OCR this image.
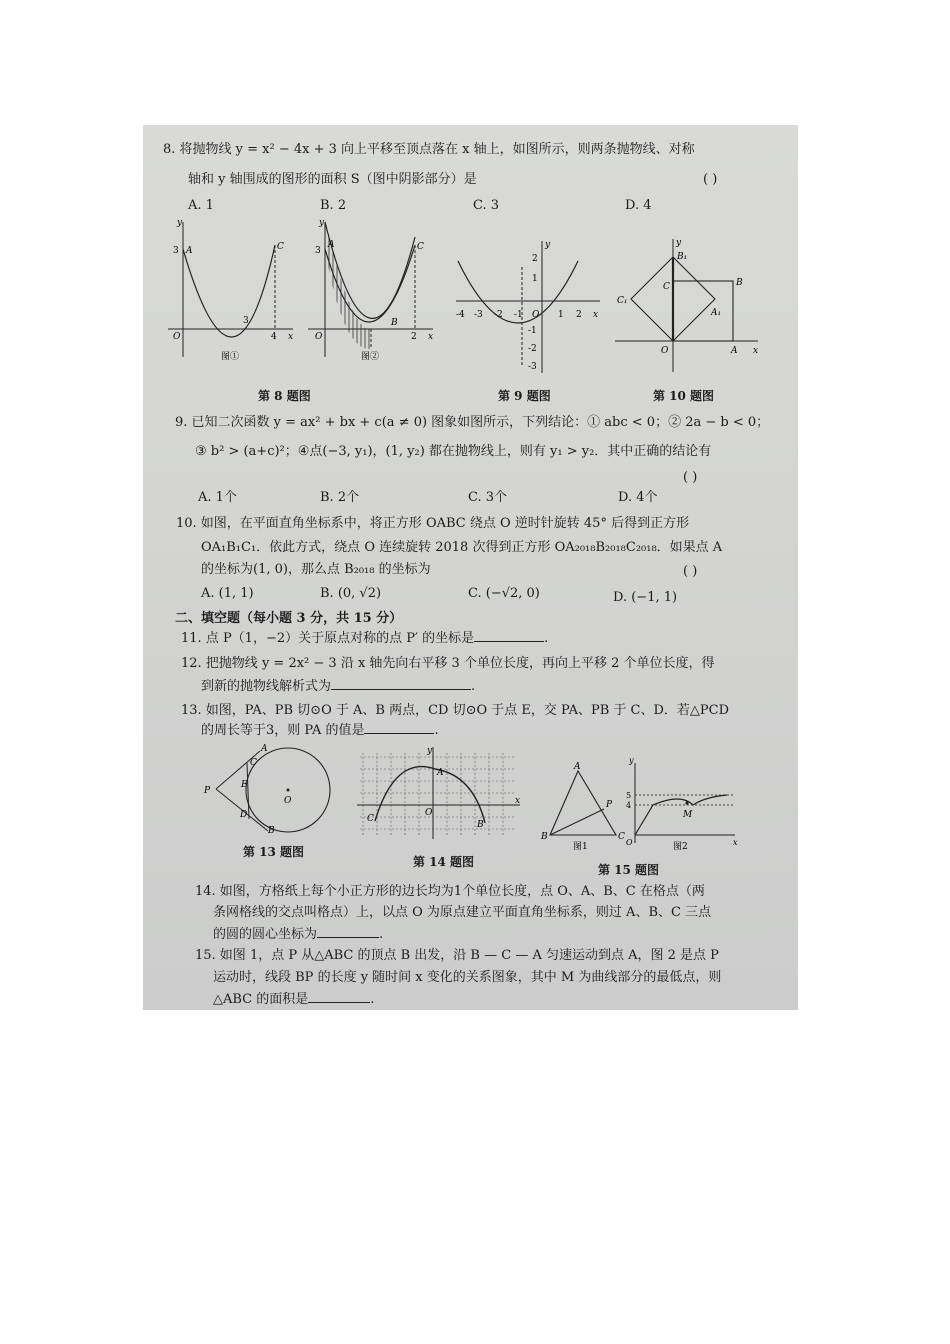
8. 将抛物线 y = x² − 4x + 3 向上平移至顶点落在 x 轴上，如图所示，则两条抛物线、对称
轴和 y 轴围成的图形的面积 S（图中阴影部分）是	( )
A. 1	B. 2	C. 3	D. 4
3 A	C
O
3
4 x
y
图①
3
A	C
O
B
2 x
y
图②
-4 -3 -2 -1 O 1 2 x
2
1
-1
-2
-3
y
B₁
C	B
C₁
A₁
O	A x
y
第 8 题图	第 9 题图	第 10 题图
9. 已知二次函数 y = ax² + bx + c(a ≠ 0) 图象如图所示，下列结论：① abc < 0；② 2a − b < 0；
③ b² > (a+c)²；④点(−3, y₁)，(1, y₂) 都在抛物线上，则有 y₁ > y₂．其中正确的结论有
( )
A. 1个	B. 2个	C. 3个	D. 4个
10. 如图，在平面直角坐标系中，将正方形 OABC 绕点 O 逆时针旋转 45° 后得到正方形
OA₁B₁C₁．依此方式，绕点 O 连续旋转 2018 次得到正方形 OA₂₀₁₈B₂₀₁₈C₂₀₁₈．如果点 A
的坐标为(1, 0)，那么点 B₂₀₁₈ 的坐标为	( )
A. (1, 1)	B. (0, √2)	C. (−√2, 0)	D. (−1, 1)
二、填空题（每小题 3 分，共 15 分）
11. 点 P（1，−2）关于原点对称的点 P′ 的坐标是	.
12. 把抛物线 y = 2x² − 3 沿 x 轴先向右平移 3 个单位长度，再向上平移 2 个单位长度，得
到新的抛物线解析式为	.
13. 如图，PA、PB 切⊙O 于 A、B 两点，CD 切⊙O 于点 E，交 PA、PB 于 C、D．若△PCD
的周长等于3，则 PA 的值是	.
A
C
E
P
O
D
B
A
O
C
B
x
y
A
B	C
P
图1
5
4
M
O	x
y
图2
第 13 题图
第 14 题图
第 15 题图
14. 如图，方格纸上每个小正方形的边长均为1个单位长度，点 O、A、B、C 在格点（两
条网格线的交点叫格点）上，以点 O 为原点建立平面直角坐标系，则过 A、B、C 三点
的圆的圆心坐标为	.
15. 如图 1，点 P 从△ABC 的顶点 B 出发，沿 B — C — A 匀速运动到点 A，图 2 是点 P
运动时，线段 BP 的长度 y 随时间 x 变化的关系图象，其中 M 为曲线部分的最低点，则
△ABC 的面积是	.
